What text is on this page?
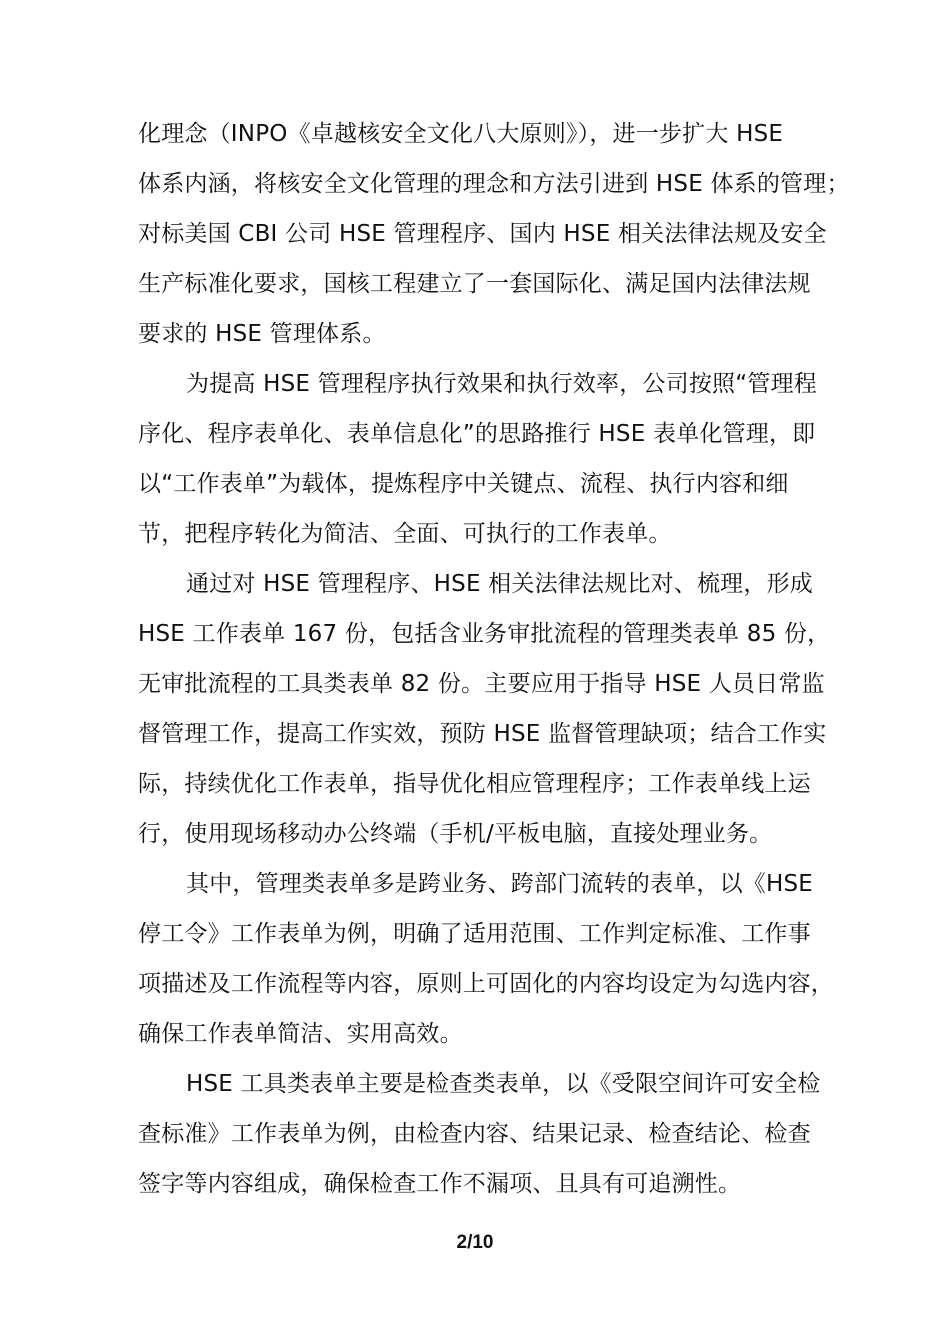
化理念（INPO《卓越核安全文化八大原则》），进一步扩大 HSE
体系内涵，将核安全文化管理的理念和方法引进到 HSE 体系的管理；
对标美国 CBI 公司 HSE 管理程序、国内 HSE 相关法律法规及安全
生产标准化要求，国核工程建立了一套国际化、满足国内法律法规
要求的 HSE 管理体系。
为提高 HSE 管理程序执行效果和执行效率，公司按照“管理程
序化、程序表单化、表单信息化”的思路推行 HSE 表单化管理，即
以“工作表单”为载体，提炼程序中关键点、流程、执行内容和细
节，把程序转化为简洁、全面、可执行的工作表单。
通过对 HSE 管理程序、HSE 相关法律法规比对、梳理，形成
HSE 工作表单 167 份，包括含业务审批流程的管理类表单 85 份，
无审批流程的工具类表单 82 份。主要应用于指导 HSE 人员日常监
督管理工作，提高工作实效，预防 HSE 监督管理缺项；结合工作实
际，持续优化工作表单，指导优化相应管理程序；工作表单线上运
行，使用现场移动办公终端（手机/平板电脑，直接处理业务。
其中，管理类表单多是跨业务、跨部门流转的表单，以《HSE
停工令》工作表单为例，明确了适用范围、工作判定标准、工作事
项描述及工作流程等内容，原则上可固化的内容均设定为勾选内容，
确保工作表单简洁、实用高效。
HSE 工具类表单主要是检查类表单，以《受限空间许可安全检
查标准》工作表单为例，由检查内容、结果记录、检查结论、检查
签字等内容组成，确保检查工作不漏项、且具有可追溯性。
2/10
